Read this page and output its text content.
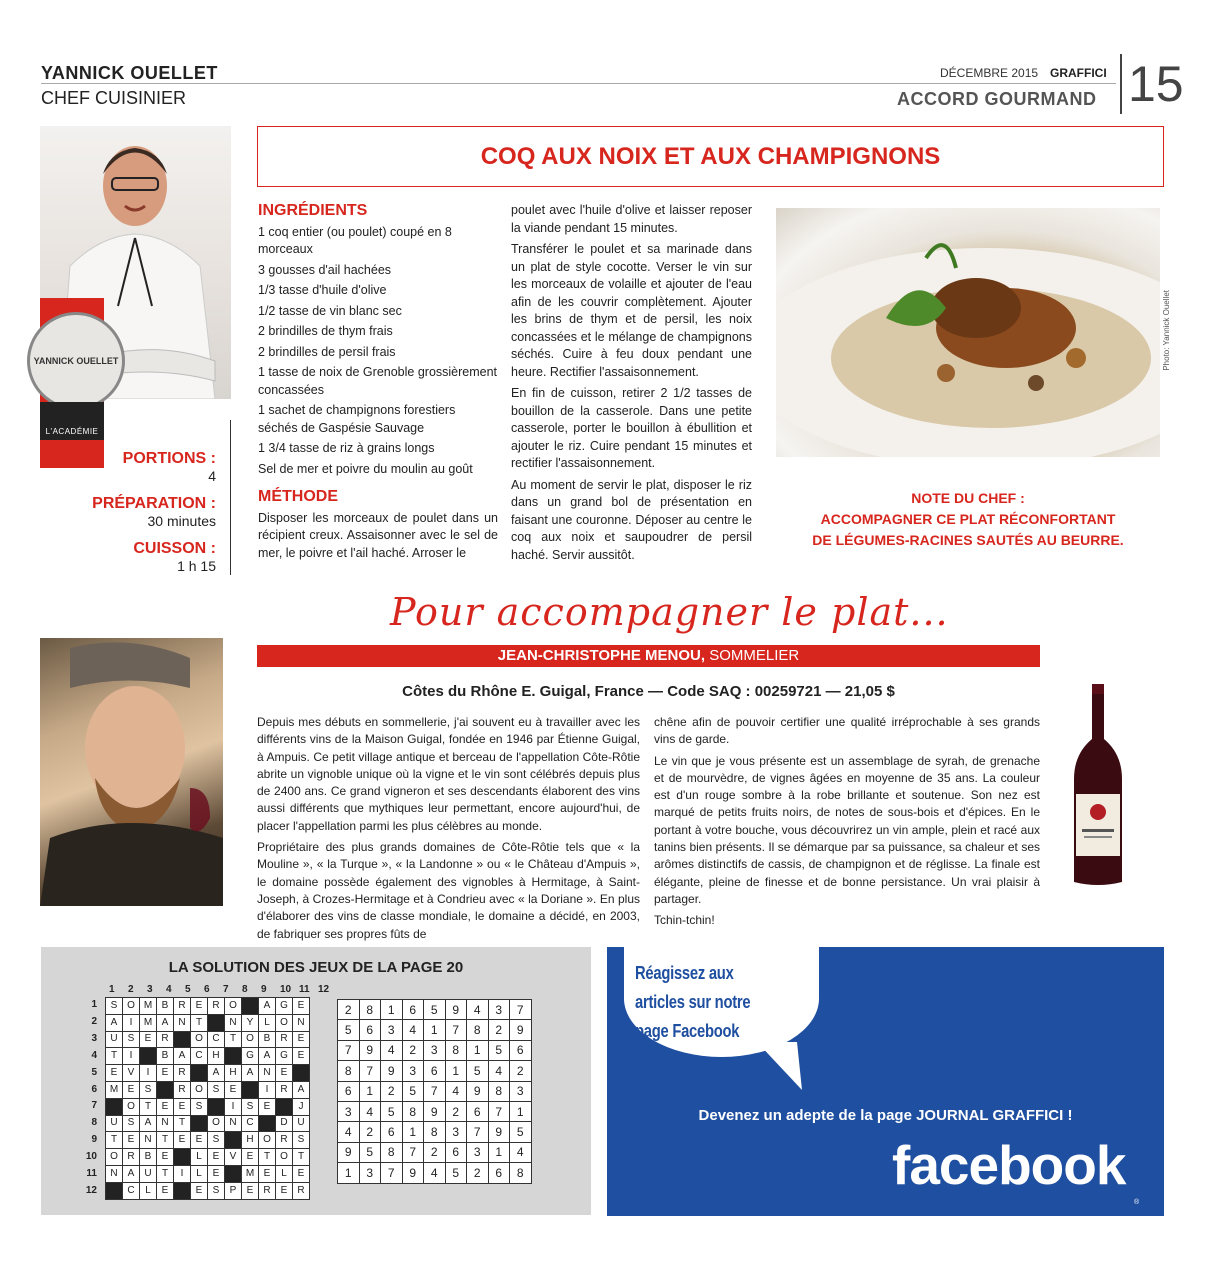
YANNICK OUELLET
CHEF CUISINIER
DÉCEMBRE 2015 GRAFFICI
ACCORD GOURMAND 15
YANNICK OUELLET
L'ACADÉMIE
PORTIONS :
4
PRÉPARATION :
30 minutes
CUISSON :
1 h 15
COQ AUX NOIX ET AUX CHAMPIGNONS
INGRÉDIENTS

1 coq entier (ou poulet) coupé en 8 morceaux

3 gousses d'ail hachées

1/3 tasse d'huile d'olive

1/2 tasse de vin blanc sec

2 brindilles de thym frais

2 brindilles de persil frais

1 tasse de noix de Grenoble grossièrement concassées

1 sachet de champignons forestiers séchés de Gaspésie Sauvage

1 3/4 tasse de riz à grains longs

Sel de mer et poivre du moulin au goût

MÉTHODE

Disposer les morceaux de poulet dans un récipient creux. Assaisonner avec le sel de mer, le poivre et l'ail haché. Arroser le

poulet avec l'huile d'olive et laisser reposer la viande pendant 15 minutes.

Transférer le poulet et sa marinade dans un plat de style cocotte. Verser le vin sur les morceaux de volaille et ajouter de l'eau afin de les couvrir complètement. Ajouter les brins de thym et de persil, les noix concassées et le mélange de champignons séchés. Cuire à feu doux pendant une heure. Rectifier l'assaisonnement.

En fin de cuisson, retirer 2 1/2 tasses de bouillon de la casserole. Dans une petite casserole, porter le bouillon à ébullition et ajouter le riz. Cuire pendant 15 minutes et rectifier l'assaisonnement.

Au moment de servir le plat, disposer le riz dans un grand bol de présentation en faisant une couronne. Déposer au centre le coq aux noix et saupoudrer de persil haché. Servir aussitôt.

Photo: Yannick Ouellet
NOTE DU CHEF :
ACCOMPAGNER CE PLAT RÉCONFORTANT
DE LÉGUMES-RACINES SAUTÉS AU BEURRE.
Pour accompagner le plat...
JEAN-CHRISTOPHE MENOU, SOMMELIER
Côtes du Rhône E. Guigal, France — Code SAQ : 00259721 — 21,05 $

Depuis mes débuts en sommellerie, j'ai souvent eu à travailler avec les différents vins de la Maison Guigal, fondée en 1946 par Étienne Guigal, à Ampuis. Ce petit village antique et berceau de l'appellation Côte-Rôtie abrite un vignoble unique où la vigne et le vin sont célébrés depuis plus de 2400 ans. Ce grand vigneron et ses descendants élaborent des vins aussi différents que mythiques leur permettant, encore aujourd'hui, de placer l'appellation parmi les plus célèbres au monde.

Propriétaire des plus grands domaines de Côte-Rôtie tels que « la Mouline », « la Turque », « la Landonne » ou « le Château d'Ampuis », le domaine possède également des vignobles à Hermitage, à Saint-Joseph, à Crozes-Hermitage et à Condrieu avec « la Doriane ». En plus d'élaborer des vins de classe mondiale, le domaine a décidé, en 2003, de fabriquer ses propres fûts de

chêne afin de pouvoir certifier une qualité irréprochable à ses grands vins de garde.

Le vin que je vous présente est un assemblage de syrah, de grenache et de mourvèdre, de vignes âgées en moyenne de 35 ans. La couleur est d'un rouge sombre à la robe brillante et soutenue. Son nez est marqué de petits fruits noirs, de notes de sous-bois et d'épices. En le portant à votre bouche, vous découvrirez un vin ample, plein et racé aux tanins bien présents. Il se démarque par sa puissance, sa chaleur et ses arômes distinctifs de cassis, de champignon et de réglisse. La finale est élégante, pleine de finesse et de bonne persistance. Un vrai plaisir à partager.

Tchin-tchin!

LA SOLUTION DES JEUX DE LA PAGE 20
1 2 3 4 5 6 7 8 9 10 11 12
1
2
3
4
5
6
7
8
9
10
11
12
S	O	M	B	R	E	R	O		A	G	E
A	I	M	A	N	T		N	Y	L	O	N
U	S	E	R		O	C	T	O	B	R	E
T	I		B	A	C	H		G	A	G	E
E	V	I	E	R		A	H	A	N	E	
M	E	S		R	O	S	E		I	R	A
	O	T	E	E	S		I	S	E		J
U	S	A	N	T		O	N	C		D	U
T	E	N	T	E	E	S		H	O	R	S
O	R	B	E		L	E	V	E	T	O	T
N	A	U	T	I	L	E		M	E	L	E
	C	L	E		E	S	P	E	R	E	R
2	8	1	6	5	9	4	3	7
5	6	3	4	1	7	8	2	9
7	9	4	2	3	8	1	5	6
8	7	9	3	6	1	5	4	2
6	1	2	5	7	4	9	8	3
3	4	5	8	9	2	6	7	1
4	2	6	1	8	3	7	9	5
9	5	8	7	2	6	3	1	4
1	3	7	9	4	5	2	6	8
Réagissez aux
articles sur notre
page Facebook
Devenez un adepte de la page JOURNAL GRAFFICI !
facebook
®
